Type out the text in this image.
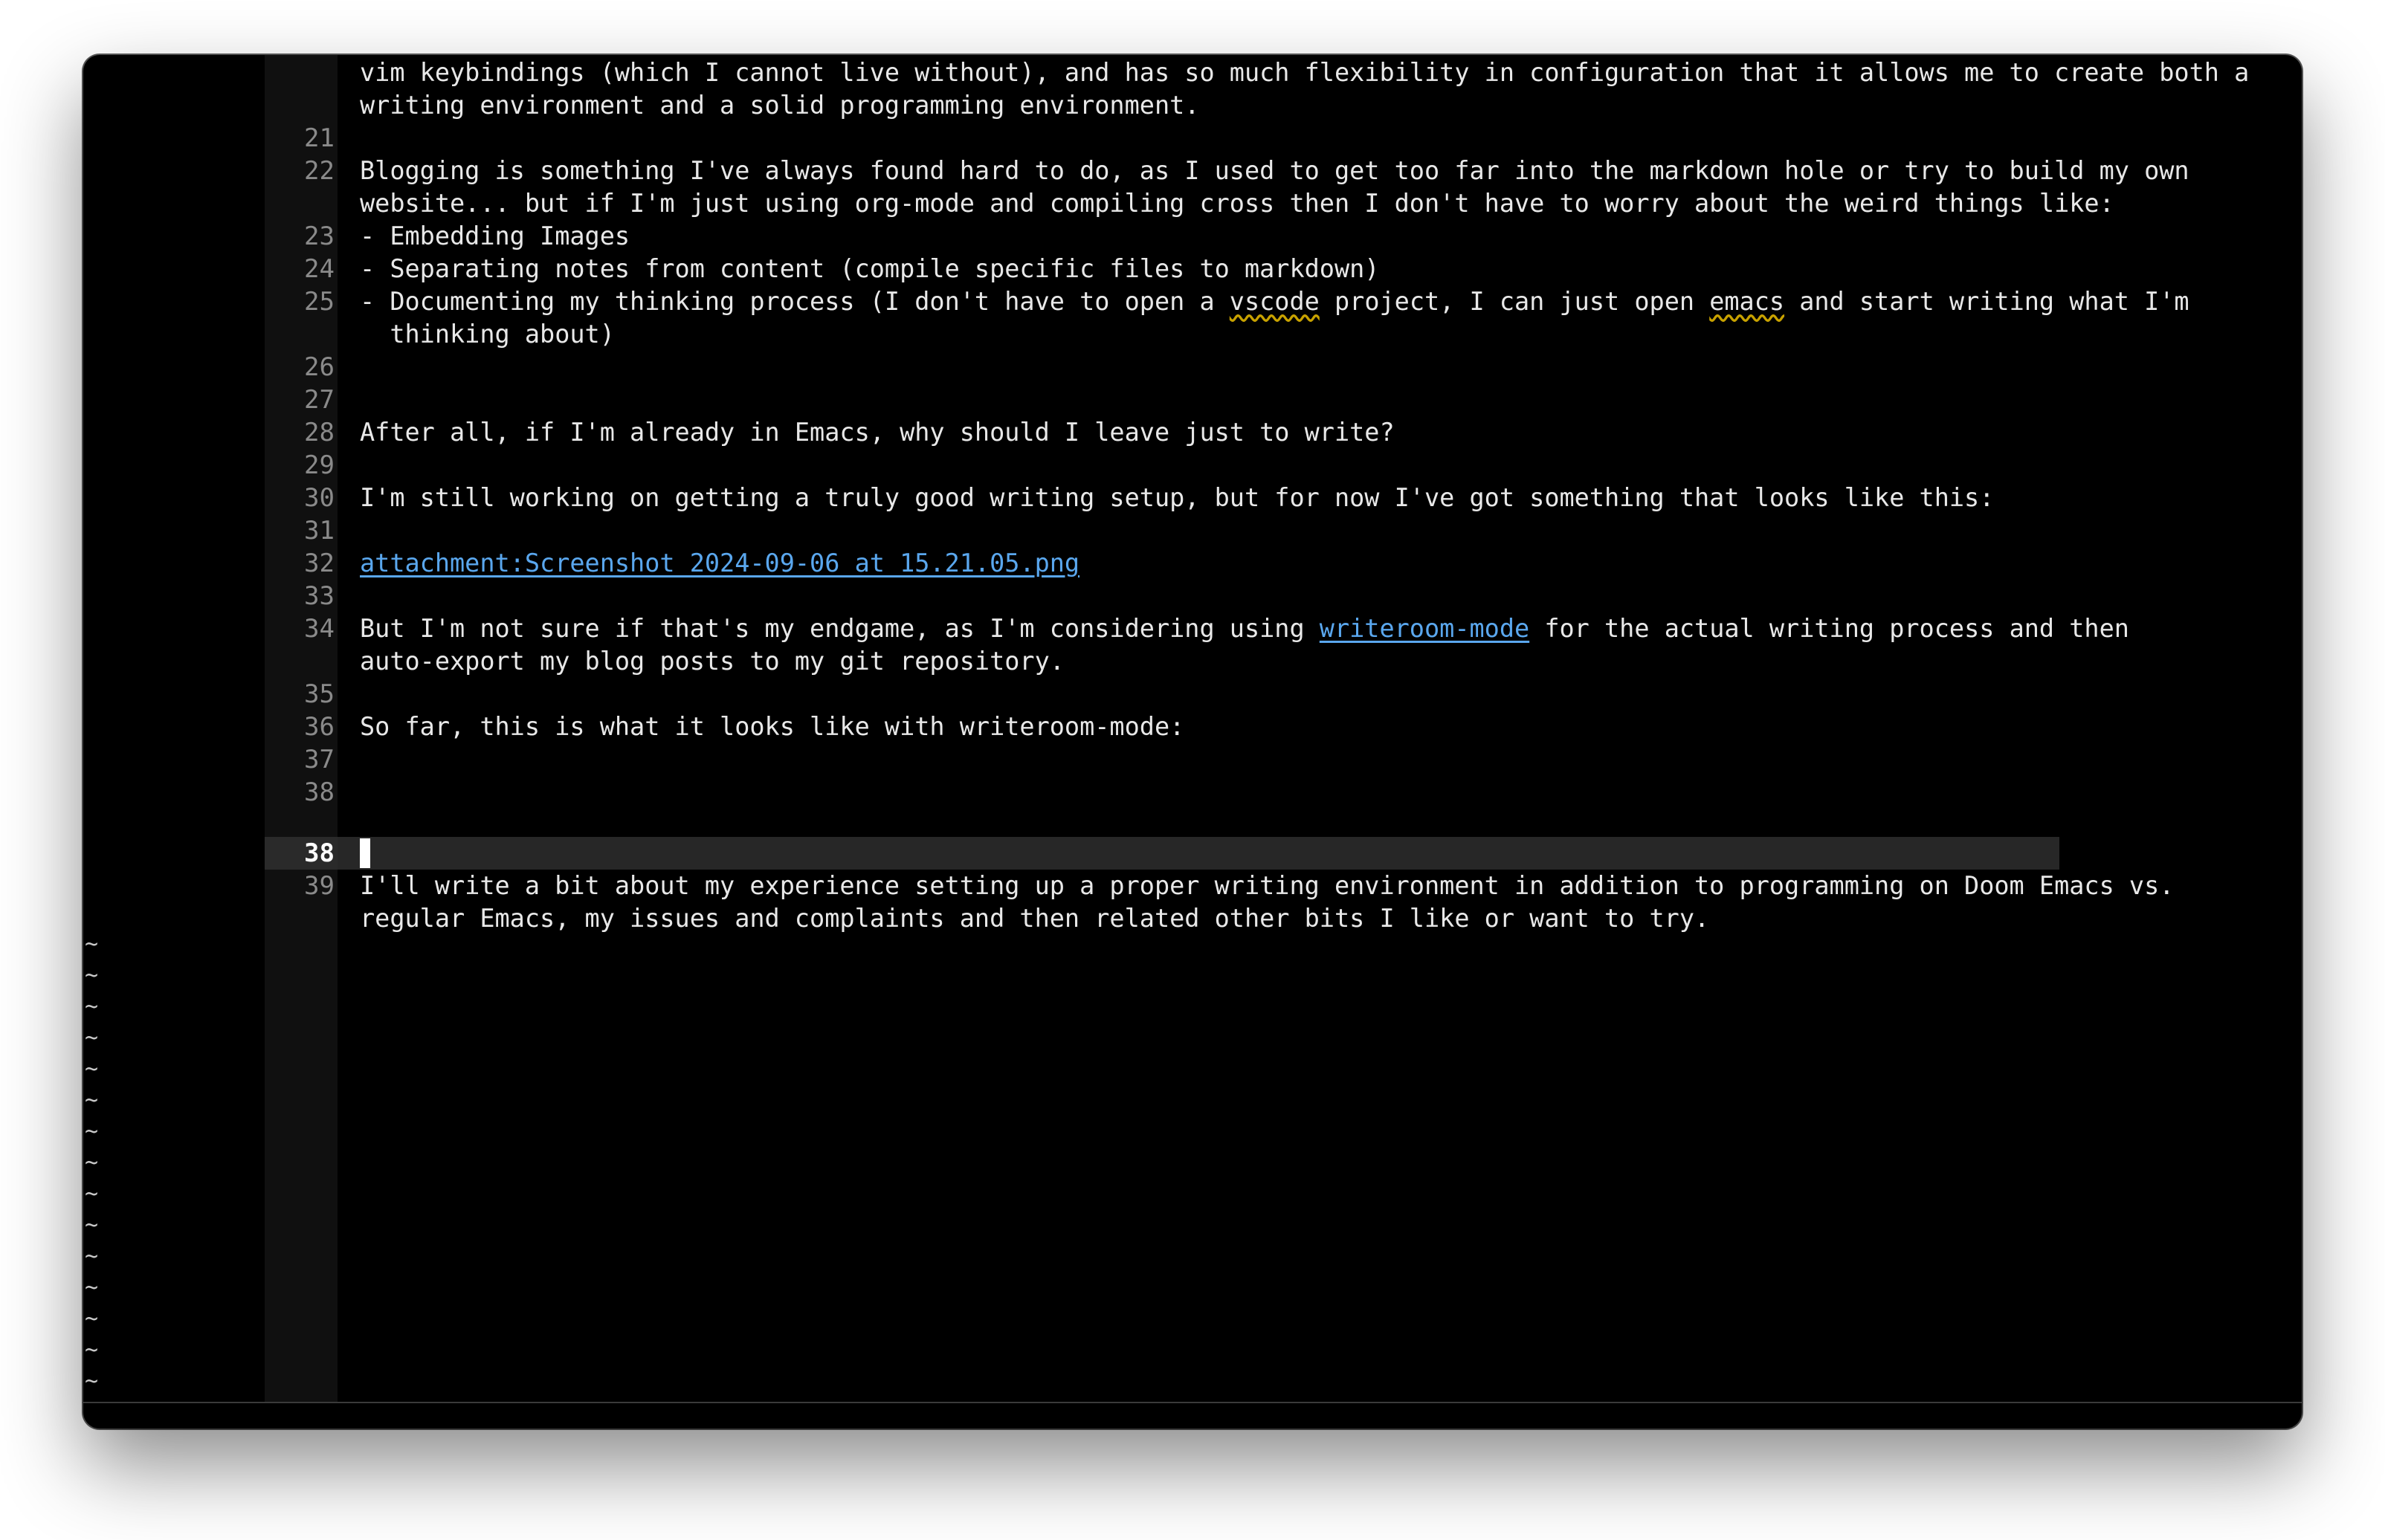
21
22
23
24
25
26
27
28
29
30
31
32
33
34
35
36
37
38
38
39
vim keybindings (which I cannot live without), and has so much flexibility in configuration that it allows me to create both a
writing environment and a solid programming environment.
Blogging is something I've always found hard to do, as I used to get too far into the markdown hole or try to build my own
website... but if I'm just using org-mode and compiling cross then I don't have to worry about the weird things like:
- Embedding Images
- Separating notes from content (compile specific files to markdown)
- Documenting my thinking process (I don't have to open a vscode project, I can just open emacs and start writing what I'm
thinking about)
After all, if I'm already in Emacs, why should I leave just to write?
I'm still working on getting a truly good writing setup, but for now I've got something that looks like this:
attachment:Screenshot 2024-09-06 at 15.21.05.png
But I'm not sure if that's my endgame, as I'm considering using writeroom-mode for the actual writing process and then
auto-export my blog posts to my git repository.
So far, this is what it looks like with writeroom-mode:
I'll write a bit about my experience setting up a proper writing environment in addition to programming on Doom Emacs vs.
regular Emacs, my issues and complaints and then related other bits I like or want to try.
~
~
~
~
~
~
~
~
~
~
~
~
~
~
~
